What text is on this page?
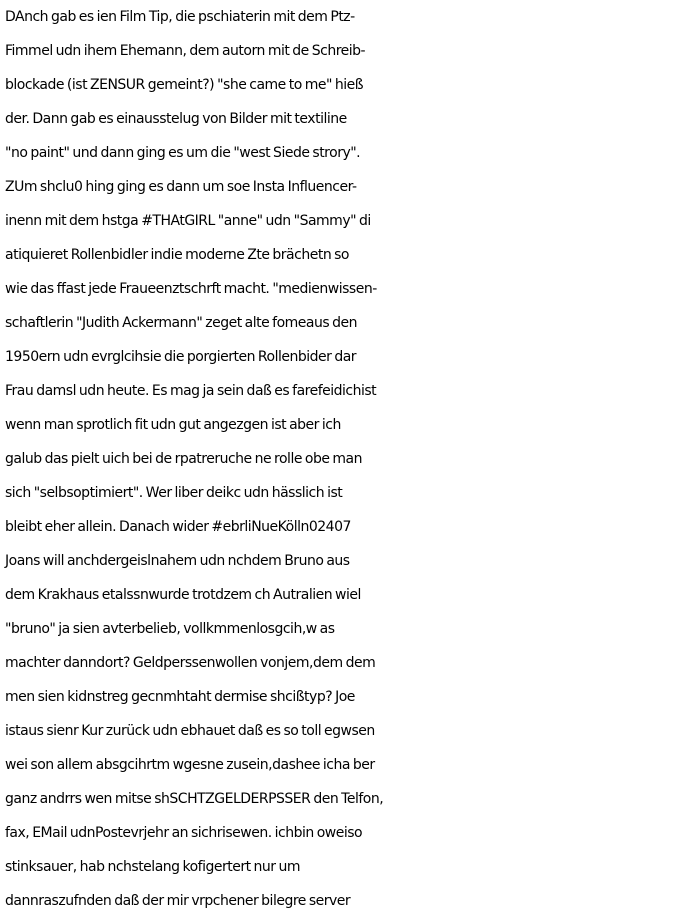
DAnch gab es ien Film Tip, die pschiaterin mit dem Ptz-
Fimmel udn ihem Ehemann, dem autorn mit de Schreib-
blockade (ist ZENSUR gemeint?) "she came to me" hieß
der. Dann gab es einausstelug von Bilder mit textiline
"no paint" und dann ging es um die "west Siede strory".
ZUm shclu0 hing ging es dann um soe Insta Influencer-
inenn mit dem hstga #THAtGIRL "anne" udn "Sammy" di
atiquieret Rollenbidler indie moderne Zte brächetn so
wie das ffast jede Fraueenztschrft macht. "medienwissen-
schaftlerin "Judith Ackermann" zeget alte fomeaus den
1950ern udn evrglcihsie die porgierten Rollenbider dar
Frau damsl udn heute. Es mag ja sein daß es farefeidichist
wenn man sprotlich fit udn gut angezgen ist aber ich
galub das pielt uich bei de rpatreruche ne rolle obe man
sich "selbsoptimiert". Wer liber deikc udn hässlich ist
bleibt eher allein. Danach wider #ebrliNueKölln02407
Joans will anchdergeislnahem udn nchdem Bruno aus
dem Krakhaus etalssnwurde trotdzem ch Autralien wiel
"bruno" ja sien avterbelieb, vollkmmenlosgcih,w as
machter danndort? Geldperssenwollen vonjem,dem dem
men sien kidnstreg gecnmhtaht dermise shcißtyp? Joe
istaus sienr Kur zurück udn ebhauet daß es so toll egwsen
wei son allem absgcihrtm wgesne zusein,dashee icha ber
ganz andrrs wen mitse shSCHTZGELDERPSSER den Telfon,
fax, EMail udnPostevrjehr an sichrisewen. ichbin oweiso
stinksauer, hab nchstelang kofigertert nur um
dannraszufnden daß der mir vrpchener bilegre server
